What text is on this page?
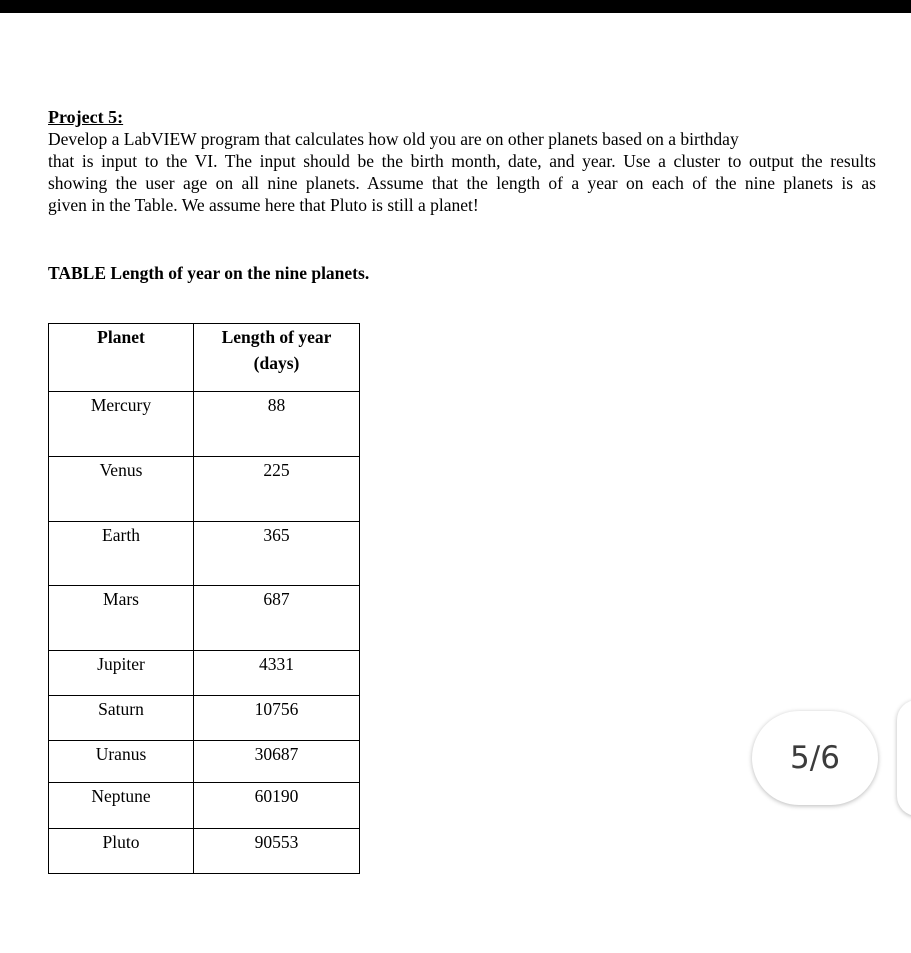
Project 5:

Develop a LabVIEW program that calculates how old you are on other planets based on a birthday
that is input to the VI. The input should be the birth month, date, and year. Use a cluster to output the results
showing the user age on all nine planets. Assume that the length of a year on each of the nine planets is as
given in the Table. We assume here that Pluto is still a planet!

TABLE Length of year on the nine planets.

Planet	Length of year
(days)

Mercury	88
Venus	225
Earth	365
Mars	687
Jupiter	4331
Saturn	10756
Uranus	30687
Neptune	60190
Pluto	90553
5/6
